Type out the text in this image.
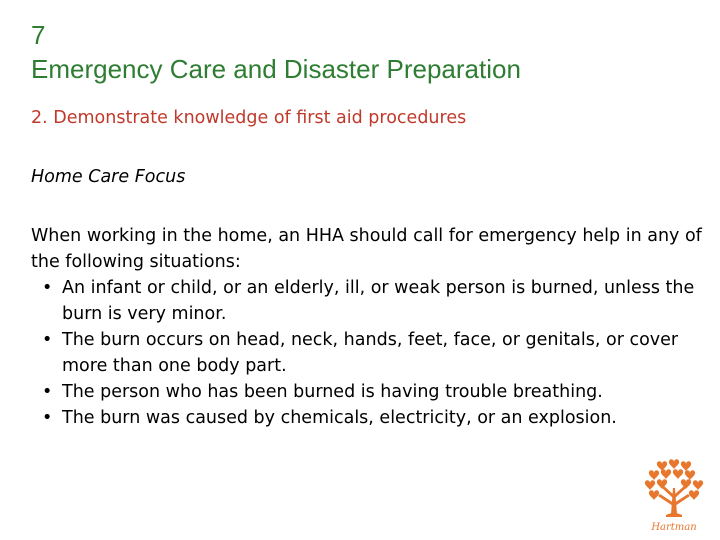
7
Emergency Care and Disaster Preparation
2. Demonstrate knowledge of first aid procedures
Home Care Focus
When working in the home, an HHA should call for emergency help in any of the following situations:
• An infant or child, or an elderly, ill, or weak person is burned, unless the burn is very minor.
• The burn occurs on head, neck, hands, feet, face, or genitals, or cover more than one body part.
• The person who has been burned is having trouble breathing.
• The burn was caused by chemicals, electricity, or an explosion.
Hartman
